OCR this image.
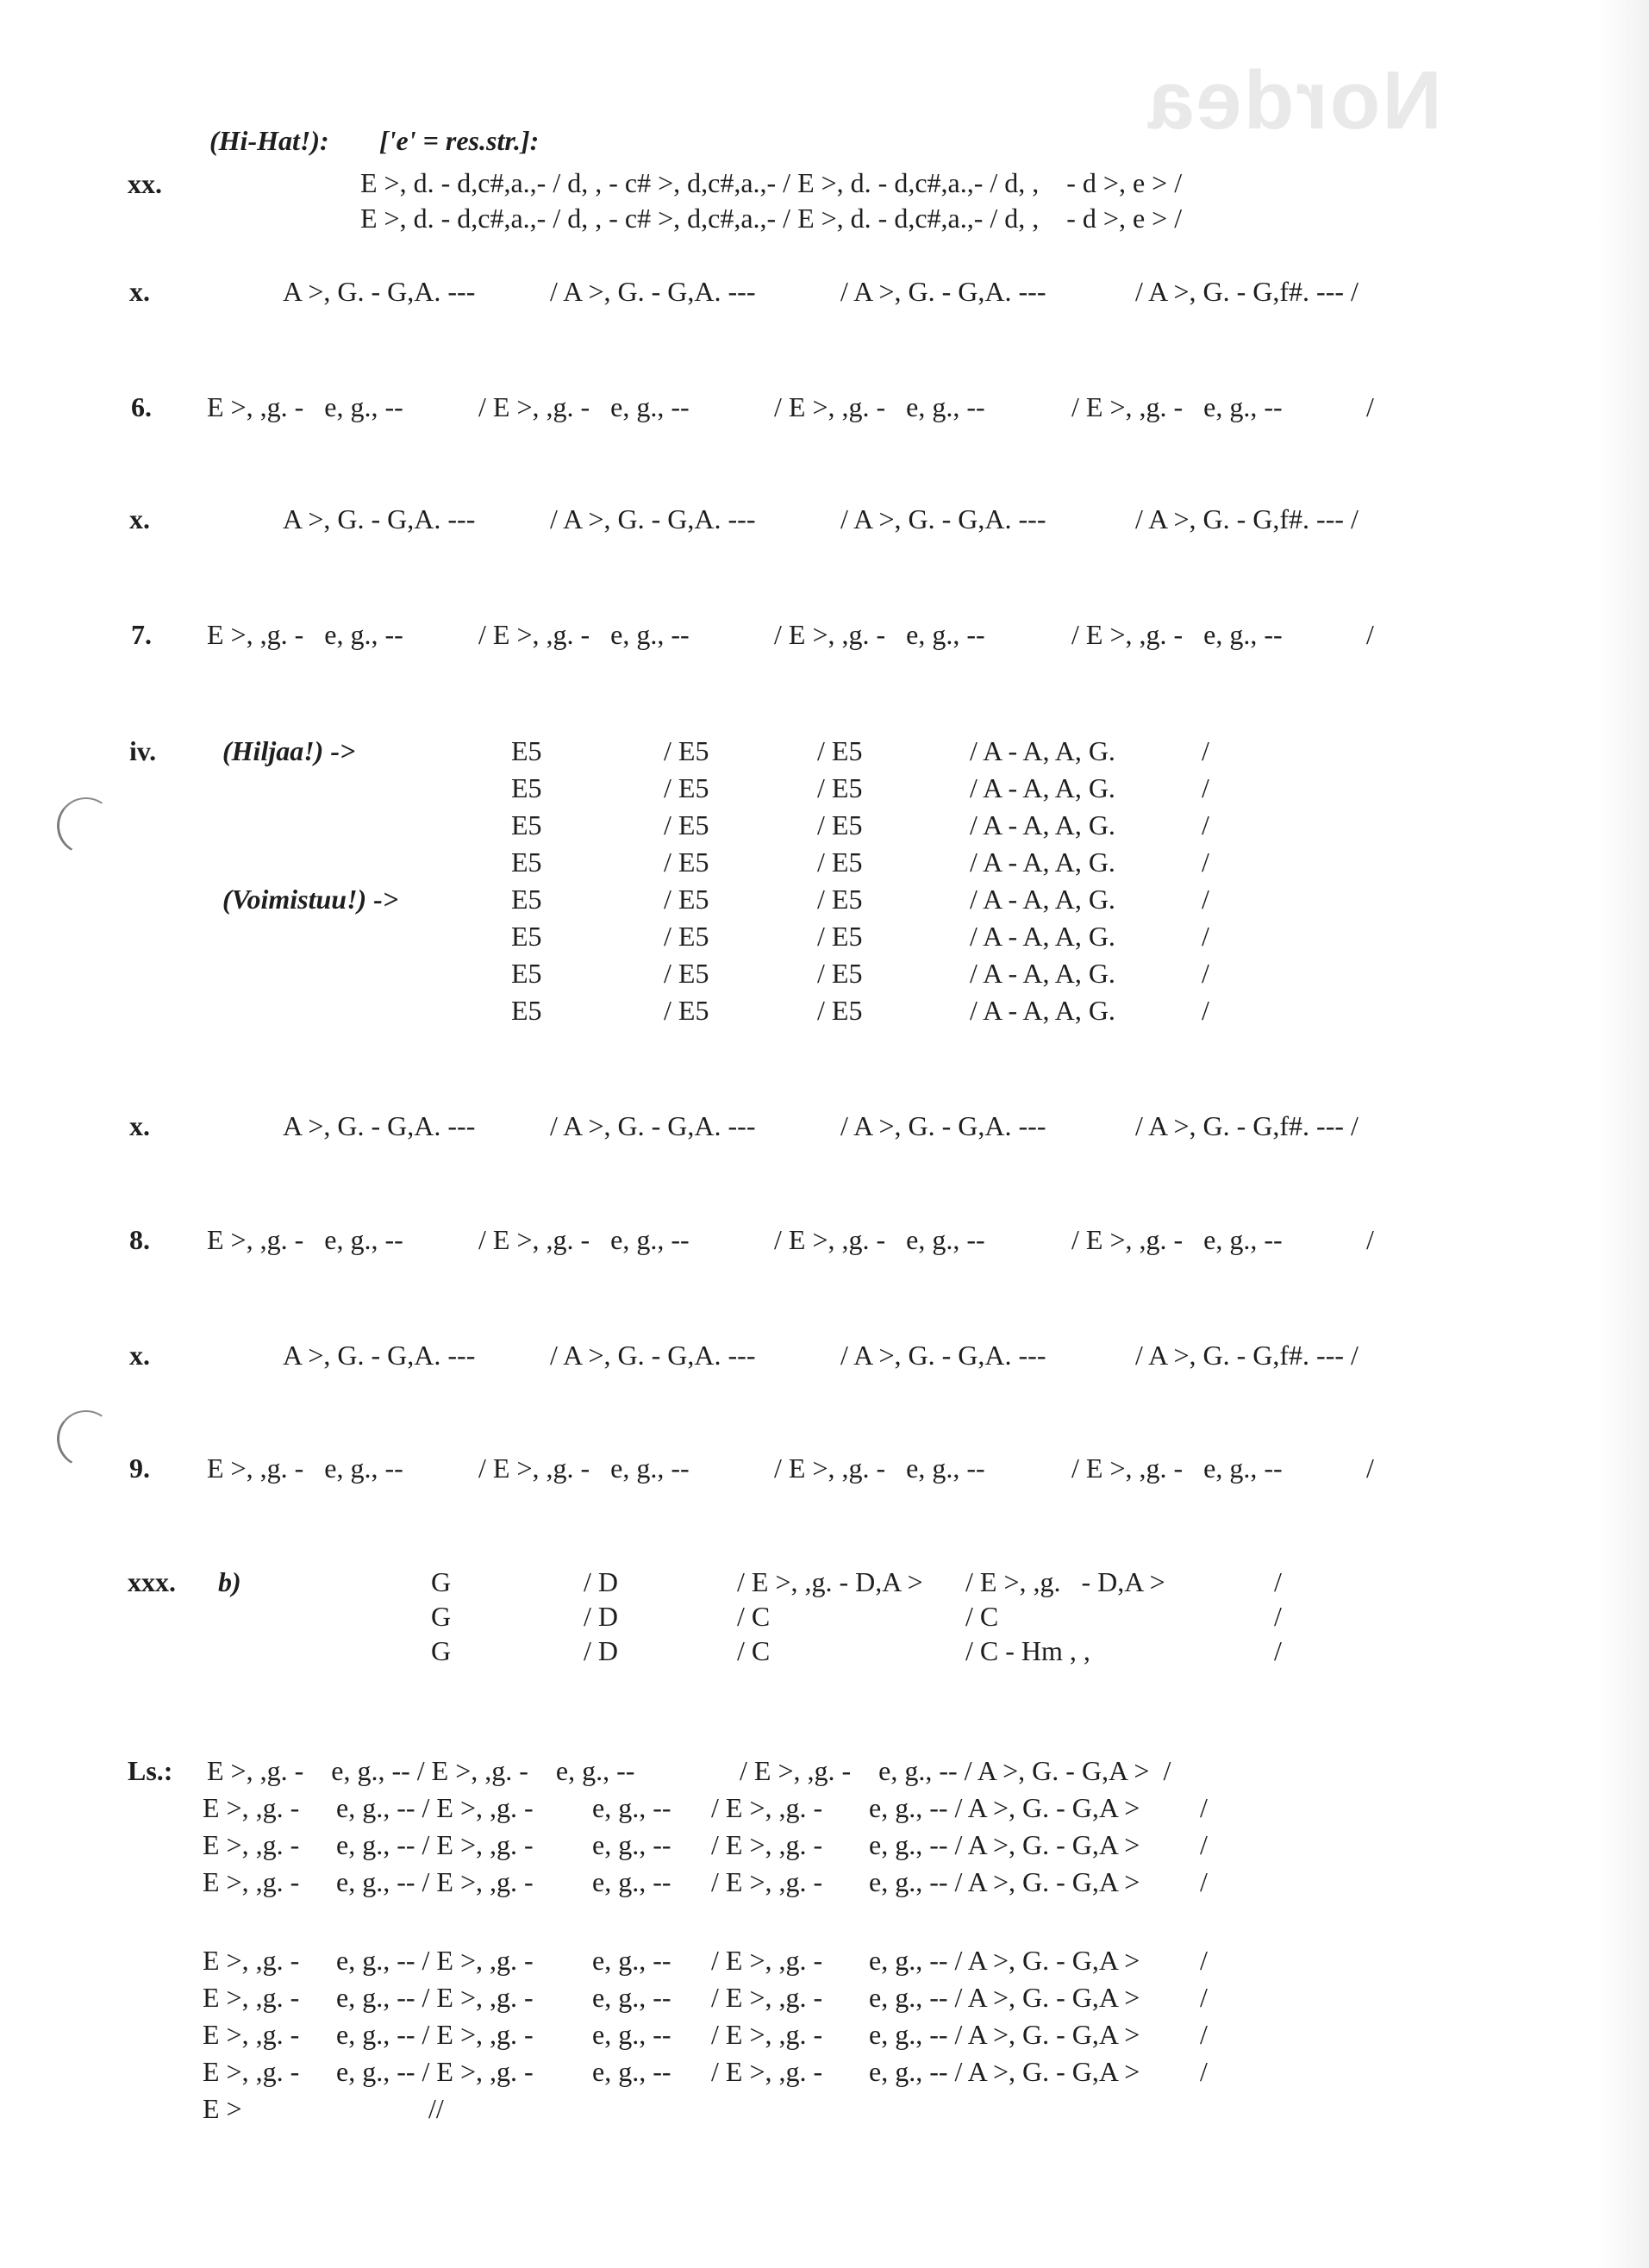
Nordea
(Hi-Hat!): ['e' = res.str.]:
xx.	E >, d. - d,c#,a.,- / d, , - c# >, d,c#,a.,- / E >, d. - d,c#,a.,- / d, ,    - d >, e > /
E >, d. - d,c#,a.,- / d, , - c# >, d,c#,a.,- / E >, d. - d,c#,a.,- / d, ,    - d >, e > /
x.	A >, G. - G,A. ---	/ A >, G. - G,A. ---	/ A >, G. - G,A. ---	/ A >, G. - G,f#. --- /
x.	A >, G. - G,A. ---	/ A >, G. - G,A. ---	/ A >, G. - G,A. ---	/ A >, G. - G,f#. --- /
x.	A >, G. - G,A. ---	/ A >, G. - G,A. ---	/ A >, G. - G,A. ---	/ A >, G. - G,f#. --- /
x.	A >, G. - G,A. ---	/ A >, G. - G,A. ---	/ A >, G. - G,A. ---	/ A >, G. - G,f#. --- /
6. E >, ,g. -   e, g., --	/ E >, ,g. -   e, g., --	/ E >, ,g. -   e, g., --	/ E >, ,g. -   e, g., --	/
7. E >, ,g. -   e, g., --	/ E >, ,g. -   e, g., --	/ E >, ,g. -   e, g., --	/ E >, ,g. -   e, g., --	/
8. E >, ,g. -   e, g., --	/ E >, ,g. -   e, g., --	/ E >, ,g. -   e, g., --	/ E >, ,g. -   e, g., --	/
9. E >, ,g. -   e, g., --	/ E >, ,g. -   e, g., --	/ E >, ,g. -   e, g., --	/ E >, ,g. -   e, g., --	/
iv. (Hiljaa!) ->
(Voimistuu!) ->
E5	/ E5	/ E5	/ A - A, A, G.	/
E5	/ E5	/ E5	/ A - A, A, G.	/
E5	/ E5	/ E5	/ A - A, A, G.	/
E5	/ E5	/ E5	/ A - A, A, G.	/
E5	/ E5	/ E5	/ A - A, A, G.	/
E5	/ E5	/ E5	/ A - A, A, G.	/
E5	/ E5	/ E5	/ A - A, A, G.	/
E5	/ E5	/ E5	/ A - A, A, G.	/
xxx. b)	G	/ D	/ E >, ,g. - D,A > / E >, ,g.   - D,A >	/
G	/ D	/ C	/ C	/
G	/ D	/ C	/ C - Hm , ,	/
Ls.: E >, ,g. -    e, g., -- / E >, ,g. -    e, g., --	/ E >, ,g. -    e, g., -- / A >, G. - G,A >  /
E >, ,g. - e, g., -- / E >, ,g. - e, g., -- / E >, ,g. - e, g., -- / A >, G. - G,A > /
E >, ,g. - e, g., -- / E >, ,g. - e, g., -- / E >, ,g. - e, g., -- / A >, G. - G,A > /
E >, ,g. - e, g., -- / E >, ,g. - e, g., -- / E >, ,g. - e, g., -- / A >, G. - G,A > /
E >, ,g. - e, g., -- / E >, ,g. - e, g., -- / E >, ,g. - e, g., -- / A >, G. - G,A > /
E >, ,g. - e, g., -- / E >, ,g. - e, g., -- / E >, ,g. - e, g., -- / A >, G. - G,A > /
E >, ,g. - e, g., -- / E >, ,g. - e, g., -- / E >, ,g. - e, g., -- / A >, G. - G,A > /
E >, ,g. - e, g., -- / E >, ,g. - e, g., -- / E >, ,g. - e, g., -- / A >, G. - G,A > /
E >	//
